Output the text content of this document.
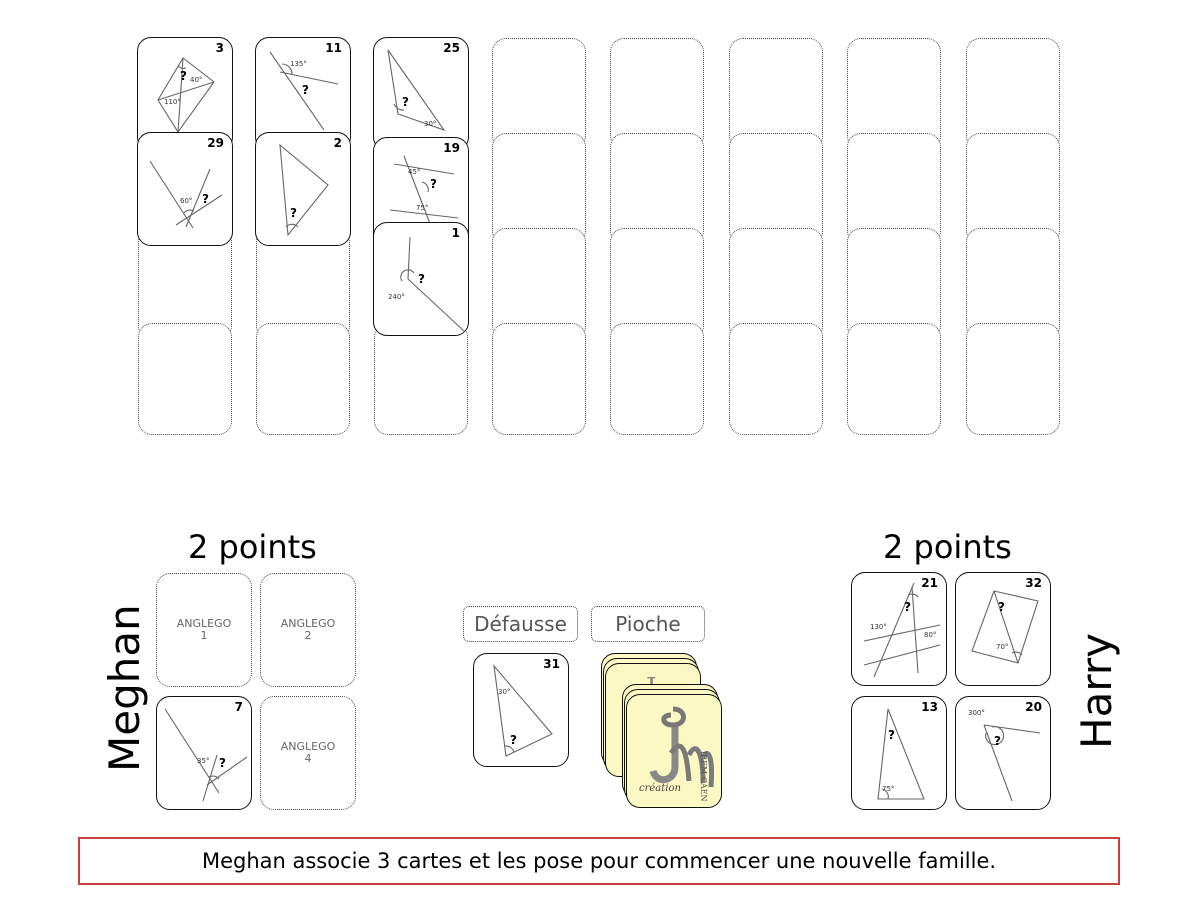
40°
110°
?
3
60° ?
29
135°
?
11
?
2
30°
?
25
45°
75°
?
19
240°
?
1
2 points
Meghan	ANGLEGO
1
ANGLEGO
2
35° ?
7
ANGLEGO
4
Défausse	Pioche
30°
?
31
IREM CAEN
création
2 points
Harry
130°
80°
?
21
70°
?
32
75°
?
13	300°
?
20
Meghan associe 3 cartes et les pose pour commencer une nouvelle famille.
